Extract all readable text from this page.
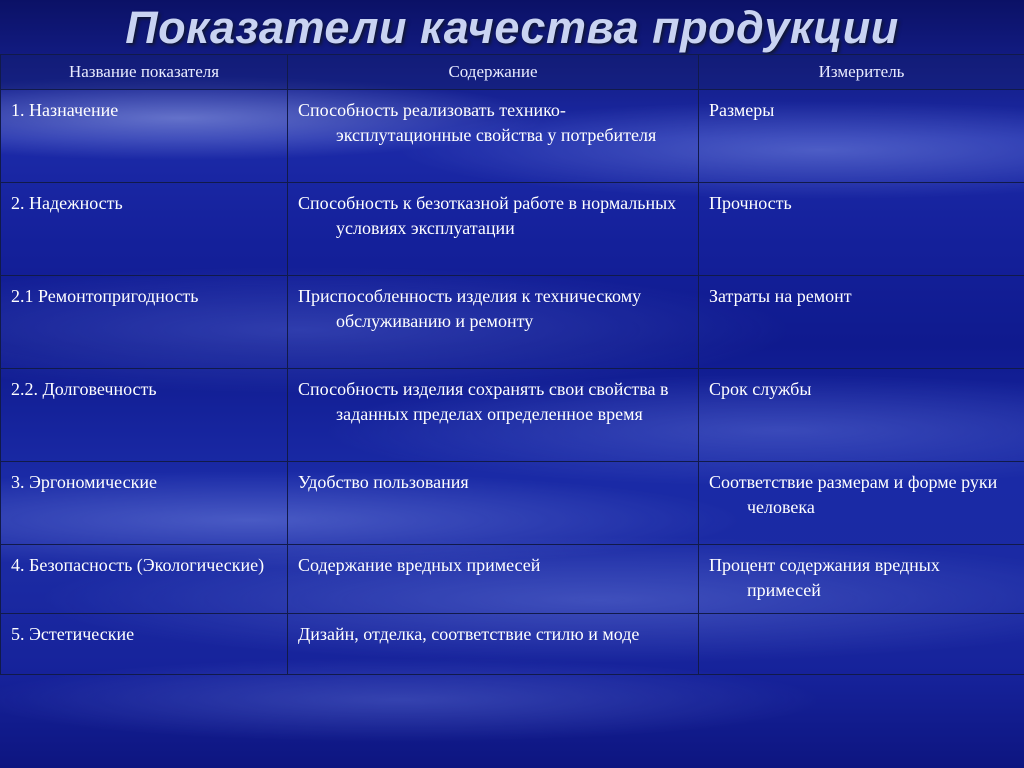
Показатели качества продукции
Название показателя	Содержание	Измеритель

1. Назначение	Способность реализовать технико-эксплутационные свойства у потребителя	Размеры

2. Надежность	Способность к безотказной работе в нормальных условиях эксплуатации	Прочность

2.1 Ремонтопригодность	Приспособленность изделия к техническому обслуживанию и ремонту	Затраты на ремонт

2.2. Долговечность	Способность изделия сохранять свои свойства в заданных пределах определенное время	Срок службы

3. Эргономические	Удобство пользования	Соответствие размерам и форме руки человека

4. Безопасность (Экологические)	Содержание вредных примесей	Процент содержания вредных примесей

5. Эстетические	Дизайн, отделка, соответствие стилю и моде	
